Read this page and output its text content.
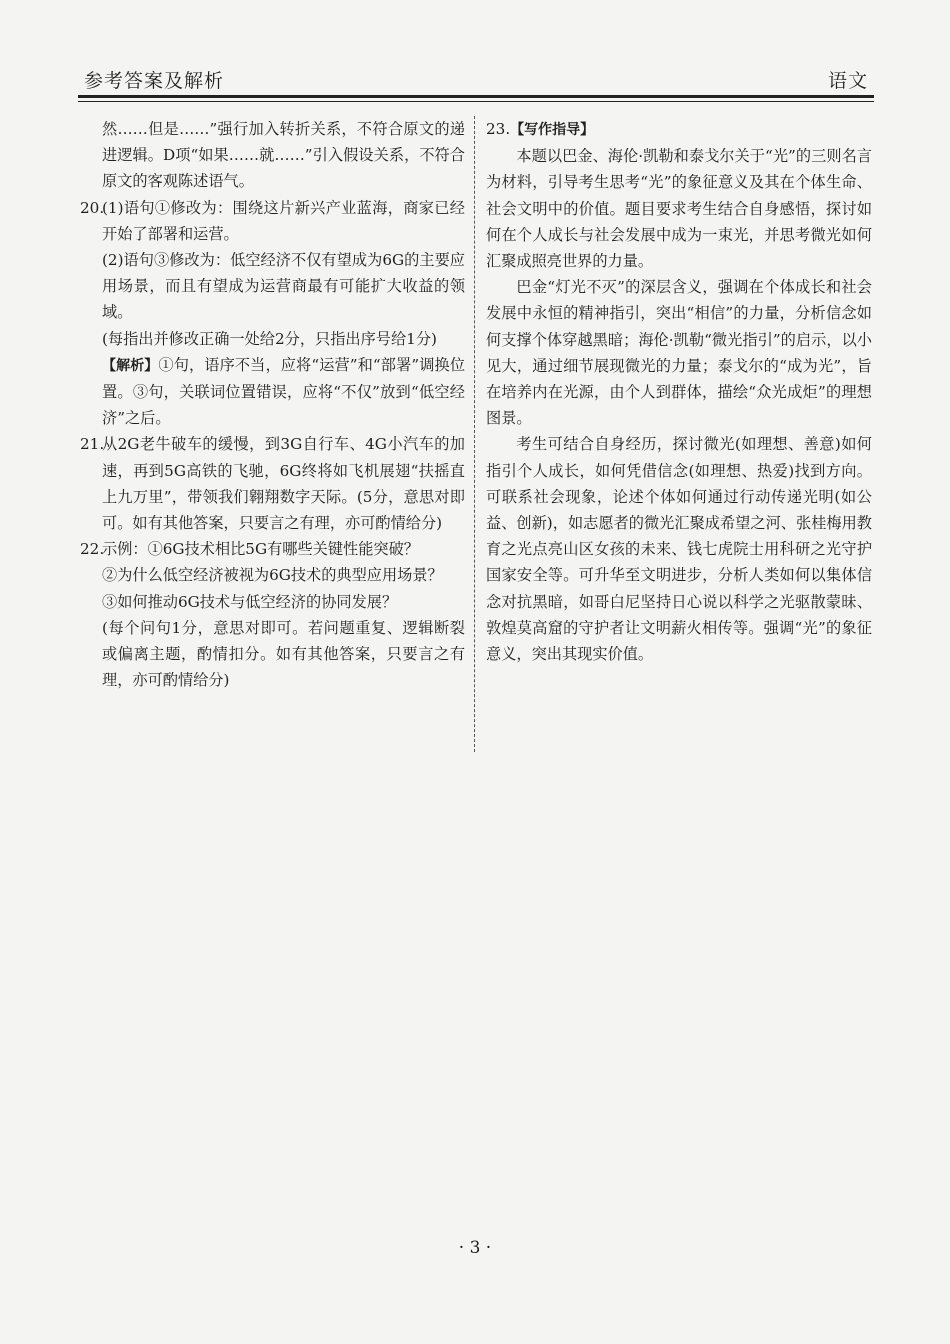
参考答案及解析	语文

然……但是……”强行加入转折关系，不符合原文的递进逻辑。D项“如果……就……”引入假设关系，不符合原文的客观陈述语气。

20.

(1)语句①修改为：围绕这片新兴产业蓝海，商家已经开始了部署和运营。

(2)语句③修改为：低空经济不仅有望成为6G的主要应用场景，而且有望成为运营商最有可能扩大收益的领域。

(每指出并修改正确一处给2分，只指出序号给1分)

【解析】①句，语序不当，应将“运营”和“部署”调换位置。③句，关联词位置错误，应将“不仅”放到“低空经济”之后。

21.

从2G老牛破车的缓慢，到3G自行车、4G小汽车的加速，再到5G高铁的飞驰，6G终将如飞机展翅“扶摇直上九万里”，带领我们翱翔数字天际。(5分，意思对即可。如有其他答案，只要言之有理，亦可酌情给分)

22.

示例：①6G技术相比5G有哪些关键性能突破？

②为什么低空经济被视为6G技术的典型应用场景？

③如何推动6G技术与低空经济的协同发展？

(每个问句1分，意思对即可。若问题重复、逻辑断裂或偏离主题，酌情扣分。如有其他答案，只要言之有理，亦可酌情给分)

23.【写作指导】

本题以巴金、海伦·凯勒和泰戈尔关于“光”的三则名言为材料，引导考生思考“光”的象征意义及其在个体生命、社会文明中的价值。题目要求考生结合自身感悟，探讨如何在个人成长与社会发展中成为一束光，并思考微光如何汇聚成照亮世界的力量。

巴金“灯光不灭”的深层含义，强调在个体成长和社会发展中永恒的精神指引，突出“相信”的力量，分析信念如何支撑个体穿越黑暗；海伦·凯勒“微光指引”的启示，以小见大，通过细节展现微光的力量；泰戈尔的“成为光”，旨在培养内在光源，由个人到群体，描绘“众光成炬”的理想图景。

考生可结合自身经历，探讨微光(如理想、善意)如何指引个人成长，如何凭借信念(如理想、热爱)找到方向。可联系社会现象，论述个体如何通过行动传递光明(如公益、创新)，如志愿者的微光汇聚成希望之河、张桂梅用教育之光点亮山区女孩的未来、钱七虎院士用科研之光守护国家安全等。可升华至文明进步，分析人类如何以集体信念对抗黑暗，如哥白尼坚持日心说以科学之光驱散蒙昧、敦煌莫高窟的守护者让文明薪火相传等。强调“光”的象征意义，突出其现实价值。

· 3 ·
